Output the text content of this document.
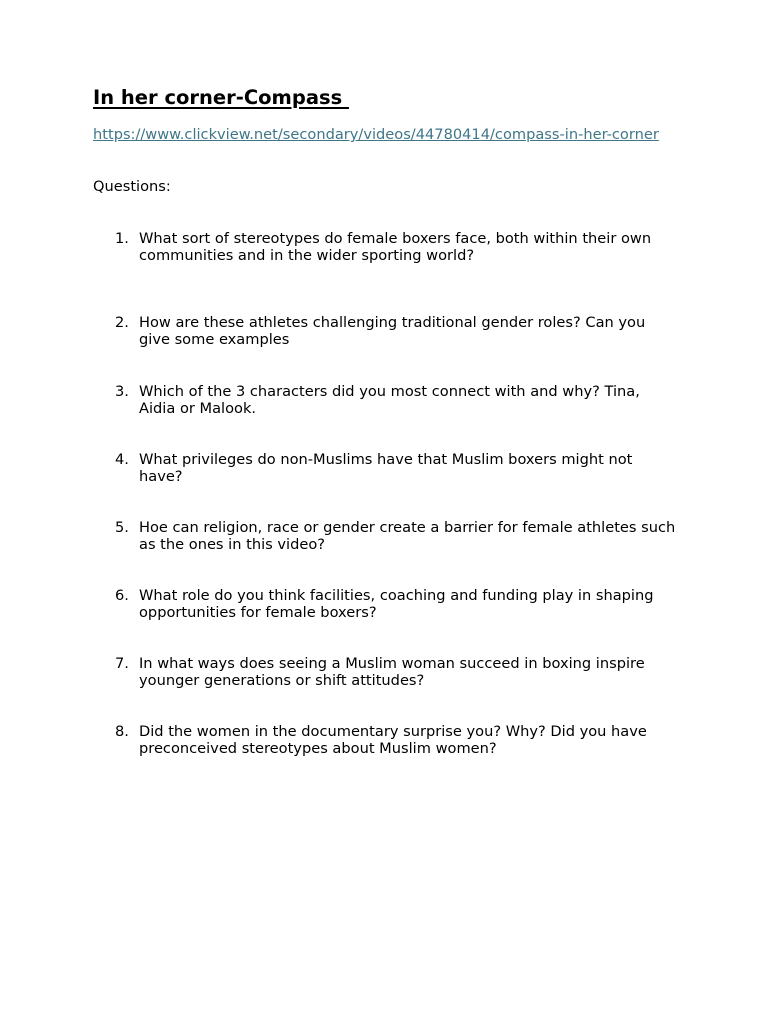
In her corner-Compass
https://www.clickview.net/secondary/videos/44780414/compass-in-her-corner
Questions:
1. What sort of stereotypes do female boxers face, both within their own communities and in the wider sporting world?
2. How are these athletes challenging traditional gender roles? Can you give some examples
3. Which of the 3 characters did you most connect with and why? Tina, Aidia or Malook.
4. What privileges do non-Muslims have that Muslim boxers might not have?
5. Hoe can religion, race or gender create a barrier for female athletes such as the ones in this video?
6. What role do you think facilities, coaching and funding play in shaping opportunities for female boxers?
7. In what ways does seeing a Muslim woman succeed in boxing inspire younger generations or shift attitudes?
8. Did the women in the documentary surprise you? Why? Did you have preconceived stereotypes about Muslim women?
